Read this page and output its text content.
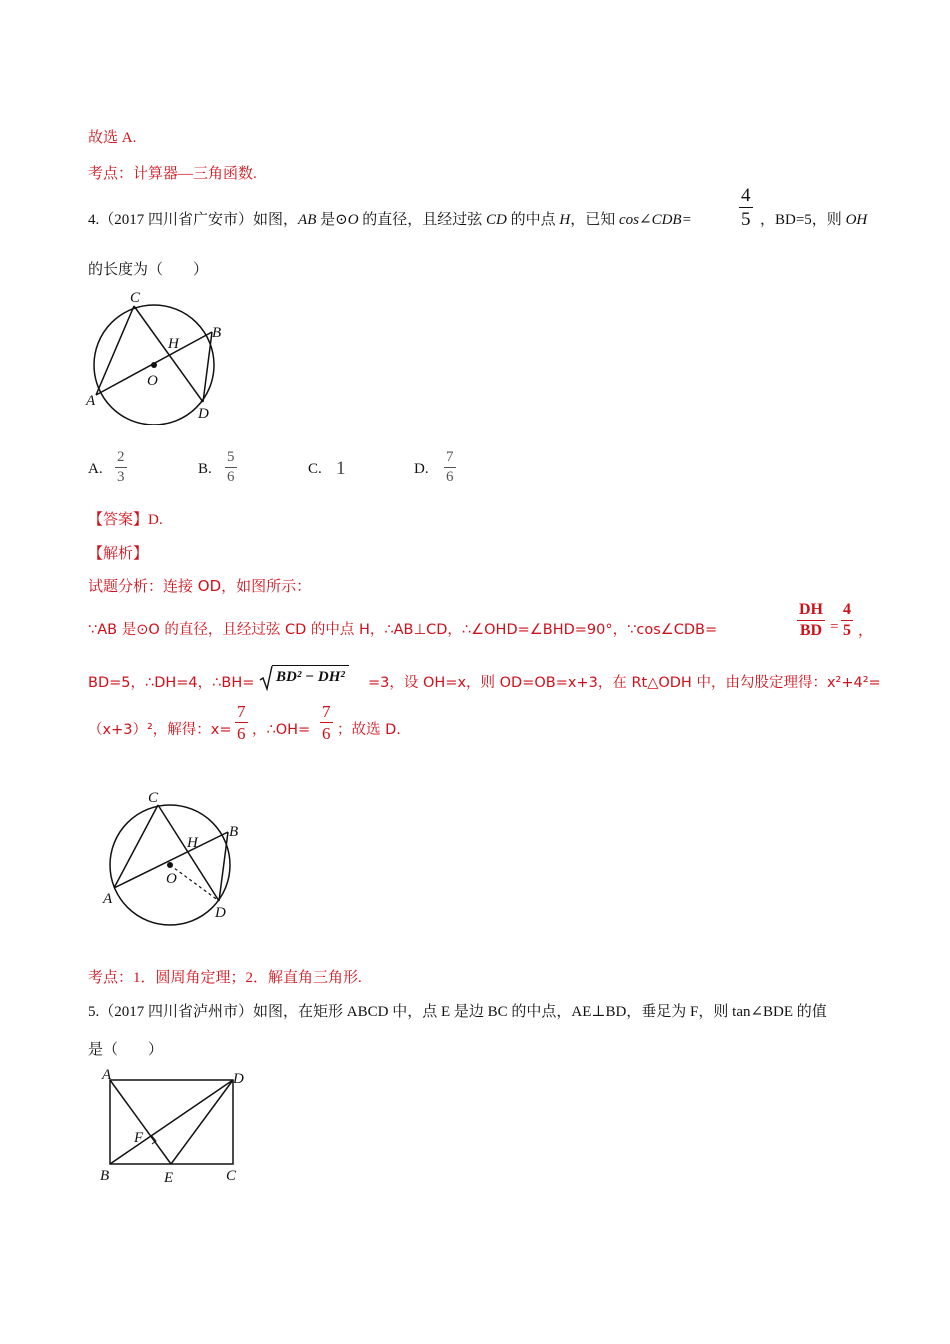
故选 A.
考点：计算器—三角函数.
4.（2017 四川省广安市）如图，AB 是⊙O 的直径，且经过弦 CD 的中点 H，已知 cos∠CDB= $\frac{4}{5}$ ，BD=5，则 OH
的长度为（　　）
C
H
B
O
A
D
A. $\frac{2}{3}$	B. $\frac{5}{6}$	C. 1	D. $\frac{7}{6}$
【答案】D.
【解析】
试题分析：连接 OD，如图所示：
∵AB 是⊙O 的直径，且经过弦 CD 的中点 H，∴AB⊥CD，∴∠OHD=∠BHD=90°，∵cos∠CDB=	$\frac{DH}{BD} = \frac{4}{5}$ ，
BD=5，∴DH=4，∴BH= BD² − DH² =3，设 OH=x，则 OD=OB=x+3，在 Rt△ODH 中，由勾股定理得：x²+4²=
（x+3）²，解得：$x= \frac{7}{6}$ ，∴OH= $\frac{7}{6}$ ；故选 D.
C
H
B
O
A
D
考点：1．圆周角定理；2．解直角三角形.
5.（2017 四川省泸州市）如图，在矩形 ABCD 中，点 E 是边 BC 的中点，AE⊥BD，垂足为 F，则 tan∠BDE 的值
是（　　）
A	D
F
B	E	C
